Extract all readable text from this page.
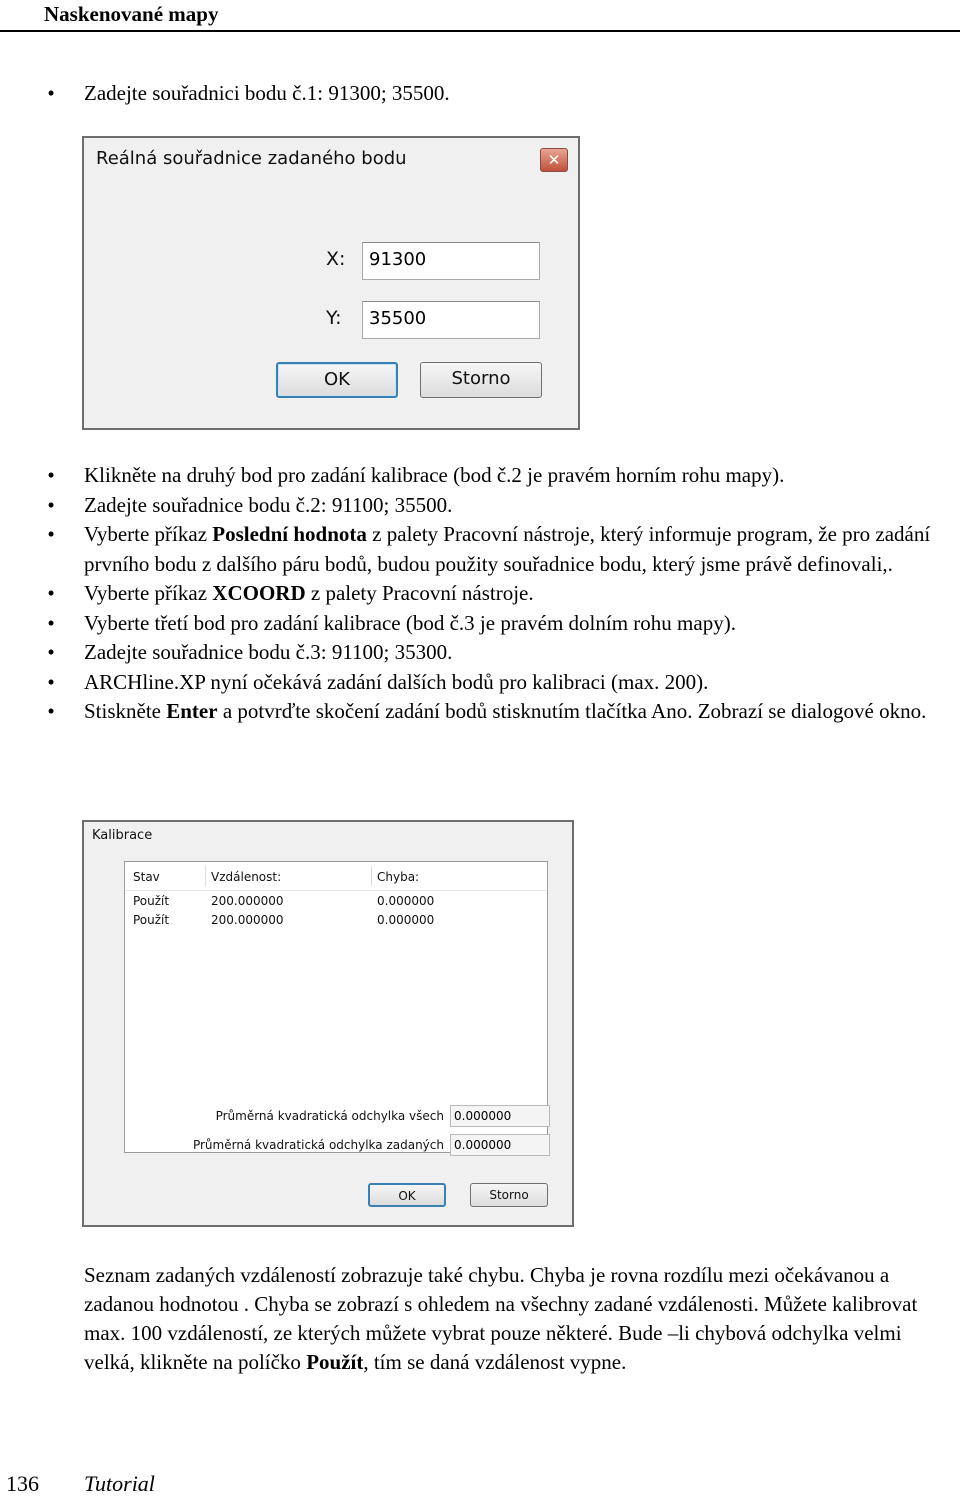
Naskenované mapy
• Zadejte souřadnici bodu č.1: 91300; 35500.
Reálná souřadnice zadaného bodu	✕
X:	91300
Y:	35500
OK	Storno
• Klikněte na druhý bod pro zadání kalibrace (bod č.2 je pravém horním rohu mapy).
• Zadejte souřadnice bodu č.2: 91100; 35500.
• Vyberte příkaz Poslední hodnota z palety Pracovní nástroje, který informuje program, že pro zadání prvního bodu z dalšího páru bodů, budou použity souřadnice bodu, který jsme právě definovali,.
• Vyberte příkaz XCOORD z palety Pracovní nástroje.
• Vyberte třetí bod pro zadání kalibrace (bod č.3 je pravém dolním rohu mapy).
• Zadejte souřadnice bodu č.3: 91100; 35300.
• ARCHline.XP nyní očekává zadání dalších bodů pro kalibraci (max. 200).
• Stiskněte Enter a potvrďte skočení zadání bodů stisknutím tlačítka Ano. Zobrazí se dialogové okno.
Kalibrace
Stav	Vzdálenost:	Chyba:
Použít	200.000000	0.000000
Použít	200.000000	0.000000
Průměrná kvadratická odchylka všech 0.000000
Průměrná kvadratická odchylka zadaných 0.000000
OK	Storno
Seznam zadaných vzdáleností zobrazuje také chybu. Chyba je rovna rozdílu mezi očekávanou a zadanou hodnotou . Chyba se zobrazí s ohledem na všechny zadané vzdálenosti. Můžete kalibrovat max. 100 vzdáleností, ze kterých můžete vybrat pouze některé. Bude –li chybová odchylka velmi velká, klikněte na políčko Použít, tím se daná vzdálenost vypne.
136 Tutorial
